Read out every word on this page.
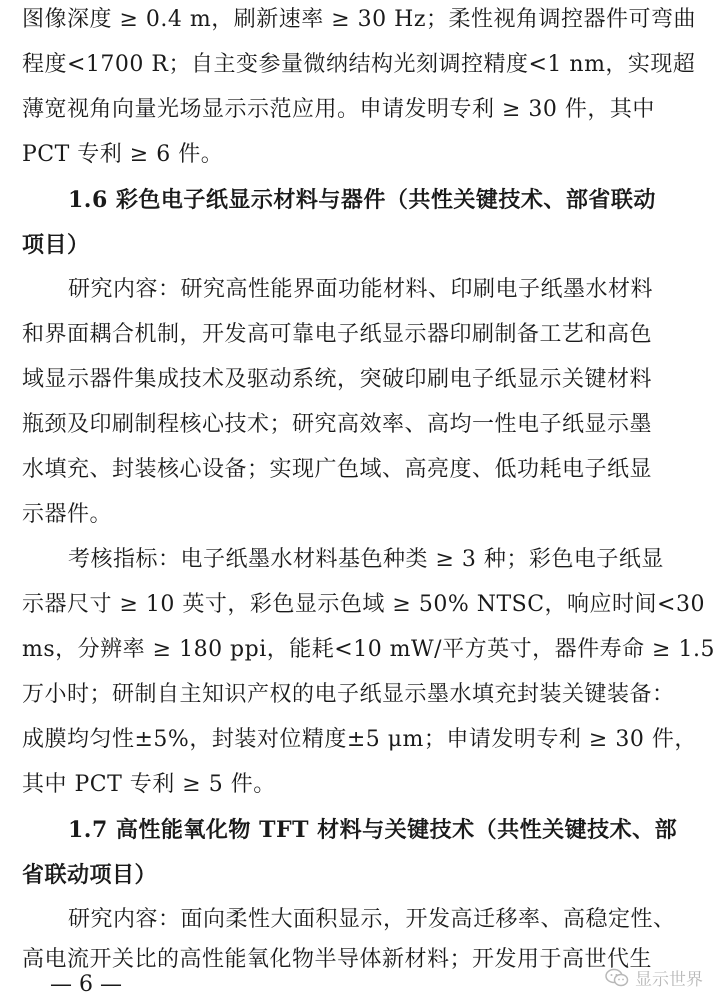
图像深度 ≥ 0.4 m，刷新速率 ≥ 30 Hz；柔性视角调控器件可弯曲
程度<1700 R；自主变参量微纳结构光刻调控精度<1 nm，实现超
薄宽视角向量光场显示示范应用。申请发明专利 ≥ 30 件，其中
PCT 专利 ≥ 6 件。
1.6 彩色电子纸显示材料与器件（共性关键技术、部省联动
项目）
研究内容：研究高性能界面功能材料、印刷电子纸墨水材料
和界面耦合机制，开发高可靠电子纸显示器印刷制备工艺和高色
域显示器件集成技术及驱动系统，突破印刷电子纸显示关键材料
瓶颈及印刷制程核心技术；研究高效率、高均一性电子纸显示墨
水填充、封装核心设备；实现广色域、高亮度、低功耗电子纸显
示器件。
考核指标：电子纸墨水材料基色种类 ≥ 3 种；彩色电子纸显
示器尺寸 ≥ 10 英寸，彩色显示色域 ≥ 50% NTSC，响应时间<30
ms，分辨率 ≥ 180 ppi，能耗<10 mW/平方英寸，器件寿命 ≥ 1.5
万小时；研制自主知识产权的电子纸显示墨水填充封装关键装备：
成膜均匀性±5%，封装对位精度±5 μm；申请发明专利 ≥ 30 件，
其中 PCT 专利 ≥ 5 件。
1.7 高性能氧化物 TFT 材料与关键技术（共性关键技术、部
省联动项目）
研究内容：面向柔性大面积显示，开发高迁移率、高稳定性、
高电流开关比的高性能氧化物半导体新材料；开发用于高世代生
— 6 —	显示世界
